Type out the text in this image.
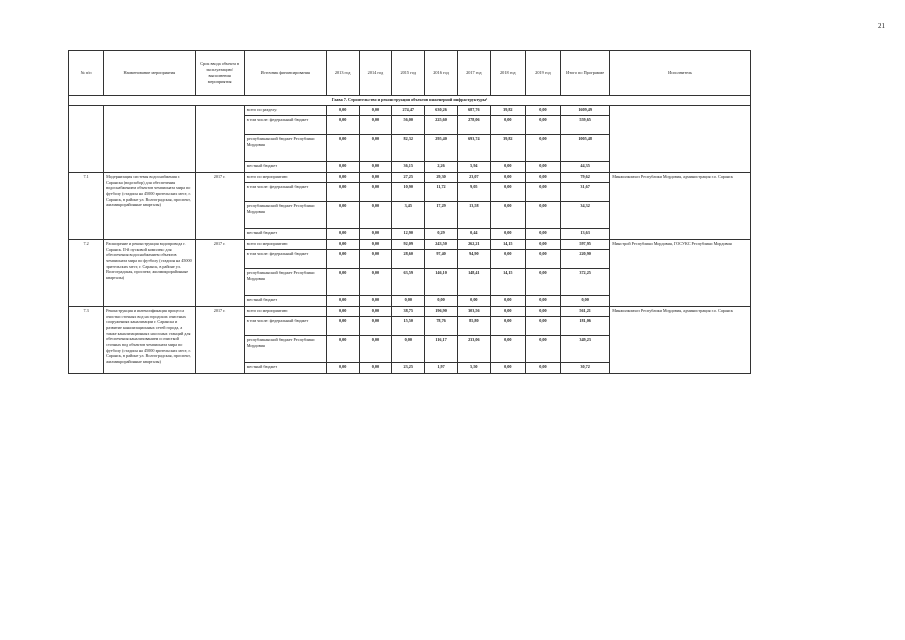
21
№ п/п	Наименование мероприятия	Срок ввода объекта в эксплуатацию/ выполнения мероприятия	Источник финансирования	2013 год	2014 год	2015 год	2016 год	2017 год	2018 год	2019 год	Итого по Программе	Исполнитель
Глава 7. Строительство и реконструкция объектов инженерной инфраструктуры¹												
			всего по разделу:	0,00	0,00	274,47	630,26	687,76	39,82	0,00	1609,49	
			в том числе: федеральный бюджет	0,00	0,00	56,00	225,60	278,06	0,00	0,00	559,65	
			республиканский бюджет Республики Мордовия	0,00	0,00	82,32	295,40	693,74	39,82	0,00	1005,48	
			местный бюджет	0,00	0,00	36,15	2,26	5,94	0,00	0,00	44,35	
7.1	Модернизация системы водоснабжения г. Саранска (водозабор) для обеспечения водоснабжением объектов чемпионата мира по футболу (стадион на 45000 зрительских мест, г. Саранск, в районе ул. Волгоградская, проспект, жилмикрорайонные кварталы)	2017 г.	всего по мероприятию:	0,00	0,00	27,25	29,30	23,07	0,00	0,00	79,62	Минжилкомхоз Республики Мордовия, администрация г.о. Саранск
			в том числе: федеральный бюджет	0,00	0,00	10,90	11,72	9,05	0,00	0,00	31,67	
			республиканский бюджет Республики Мордовия	0,00	0,00	3,45	17,29	13,58	0,00	0,00	34,32	
			местный бюджет	0,00	0,00	12,90	0,29	0,44	0,00	0,00	13,63	
7.2	Расширение и реконструкция водопровода г. Саранск. II-й пусковой комплекс для обеспечения водоснабжением объектов чемпионата мира по футболу (стадион на 45000 зрительских мест, г. Саранск, в районе ул. Волгоградская, проспект, жилмикрорайонные кварталы)	2017 г.	всего по мероприятию:	0,00	0,00	92,09	243,50	262,21	14,15	0,00	597,95	Минстрой Республики Мордовия, ГОСУКС Республики Мордовия
			в том числе: федеральный бюджет	0,00	0,00	28,60	97,40	94,90	0,00	0,00	220,90	
			республиканский бюджет Республики Мордовия	0,00	0,00	63,59	146,10	148,41	14,15	0,00	372,25	
			местный бюджет	0,00	0,00	0,00	0,00	0,00	0,00	0,00	0,00	
7.3	Реконструкция и интенсификация процесса очистки сточных вод на городских очистных сооружениях канализации г. Саранска и развитие канализационных сетей города, а также канализационных насосных станций для обеспечения канализованием и очисткой сточных вод объектов чемпионата мира по футболу (стадион на 45000 зрительских мест, г. Саранск, в районе ул. Волгоградская, проспект, жилмикрорайонные кварталы)	2017 г.	всего по мероприятию:	0,00	0,00	38,75	196,90	303,56	0,00	0,00	561,21	Минжилкомхоз Республики Мордовия, администрация г.о. Саранск
			в том числе: федеральный бюджет	0,00	0,00	15,50	78,76	85,80	0,00	0,00	181,06	
			республиканский бюджет Республики Мордовия	0,00	0,00	0,00	116,17	233,06	0,00	0,00	349,23	
			местный бюджет	0,00	0,00	23,25	1,97	5,50	0,00	0,00	30,72	
